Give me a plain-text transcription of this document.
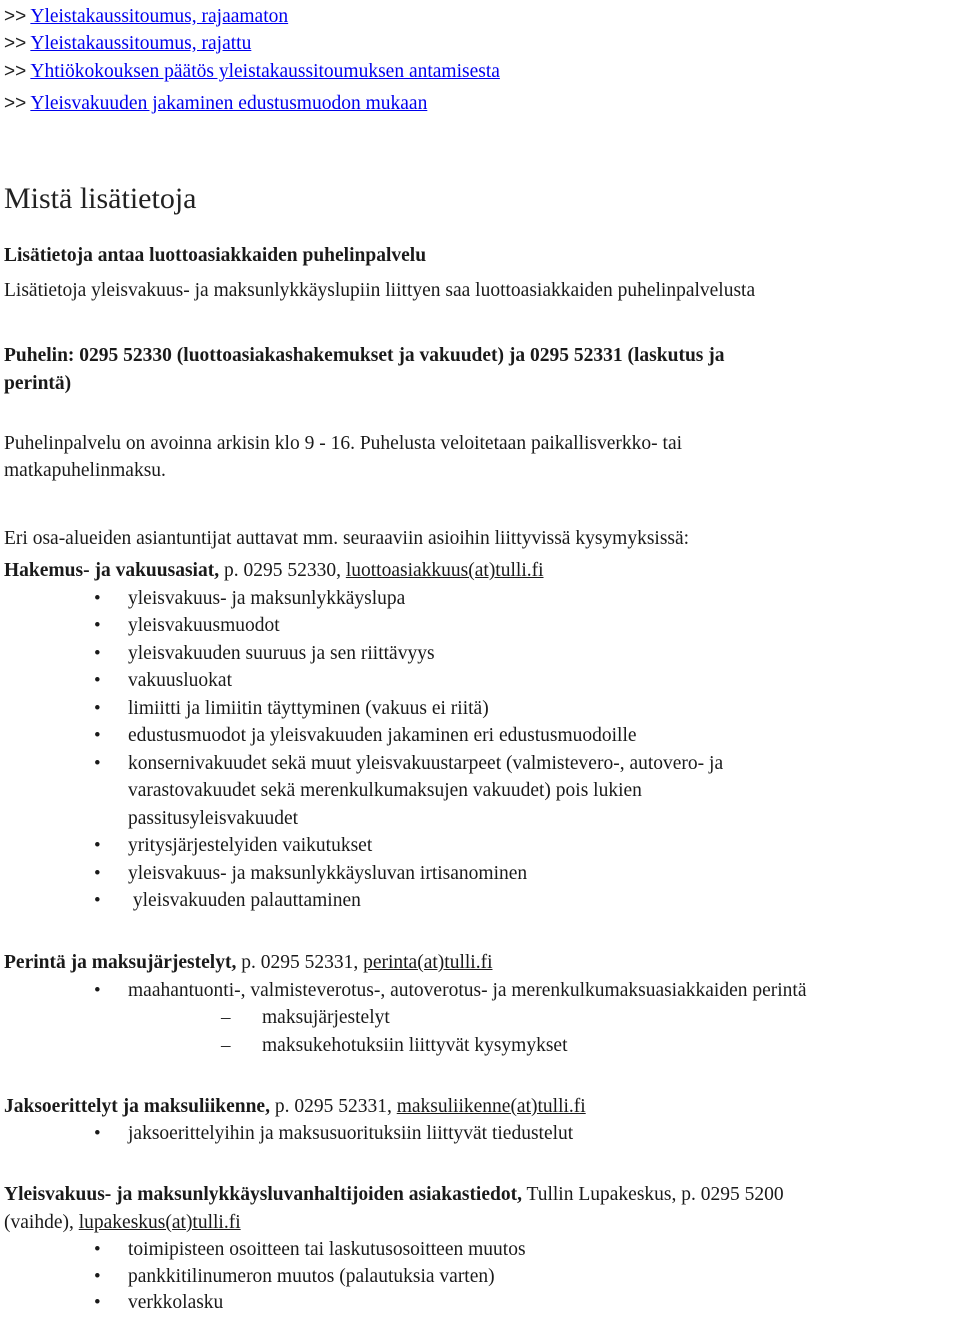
>> Yleistakaussitoumus, rajaamaton
>> Yleistakaussitoumus, rajattu
>> Yhtiökokouksen päätös yleistakaussitoumuksen antamisesta
>> Yleisvakuuden jakaminen edustusmuodon mukaan
Mistä lisätietoja
Lisätietoja antaa luottoasiakkaiden puhelinpalvelu
Lisätietoja yleisvakuus- ja maksunlykkäyslupiin liittyen saa luottoasiakkaiden puhelinpalvelusta
Puhelin: 0295 52330 (luottoasiakashakemukset ja vakuudet) ja 0295 52331 (laskutus ja
perintä)
Puhelinpalvelu on avoinna arkisin klo 9 - 16. Puhelusta veloitetaan paikallisverkko- tai
matkapuhelinmaksu.
Eri osa-alueiden asiantuntijat auttavat mm. seuraaviin asioihin liittyvissä kysymyksissä:
Hakemus- ja vakuusasiat, p. 0295 52330, luottoasiakkuus(at)tulli.fi
• yleisvakuus- ja maksunlykkäyslupa
• yleisvakuusmuodot
• yleisvakuuden suuruus ja sen riittävyys
• vakuusluokat
• limiitti ja limiitin täyttyminen (vakuus ei riitä)
• edustusmuodot ja yleisvakuuden jakaminen eri edustusmuodoille
• konsernivakuudet sekä muut yleisvakuustarpeet (valmistevero-, autovero- ja
varastovakuudet sekä merenkulkumaksujen vakuudet) pois lukien
passitusyleisvakuudet
• yritysjärjestelyiden vaikutukset
• yleisvakuus- ja maksunlykkäysluvan irtisanominen
• yleisvakuuden palauttaminen
Perintä ja maksujärjestelyt, p. 0295 52331, perinta(at)tulli.fi
• maahantuonti-, valmisteverotus-, autoverotus- ja merenkulkumaksuasiakkaiden perintä
– maksujärjestelyt
– maksukehotuksiin liittyvät kysymykset
Jaksoerittelyt ja maksuliikenne, p. 0295 52331, maksuliikenne(at)tulli.fi
• jaksoerittelyihin ja maksusuorituksiin liittyvät tiedustelut
Yleisvakuus- ja maksunlykkäysluvanhaltijoiden asiakastiedot, Tullin Lupakeskus, p. 0295 5200
(vaihde), lupakeskus(at)tulli.fi
• toimipisteen osoitteen tai laskutusosoitteen muutos
• pankkitilinumeron muutos (palautuksia varten)
• verkkolasku
